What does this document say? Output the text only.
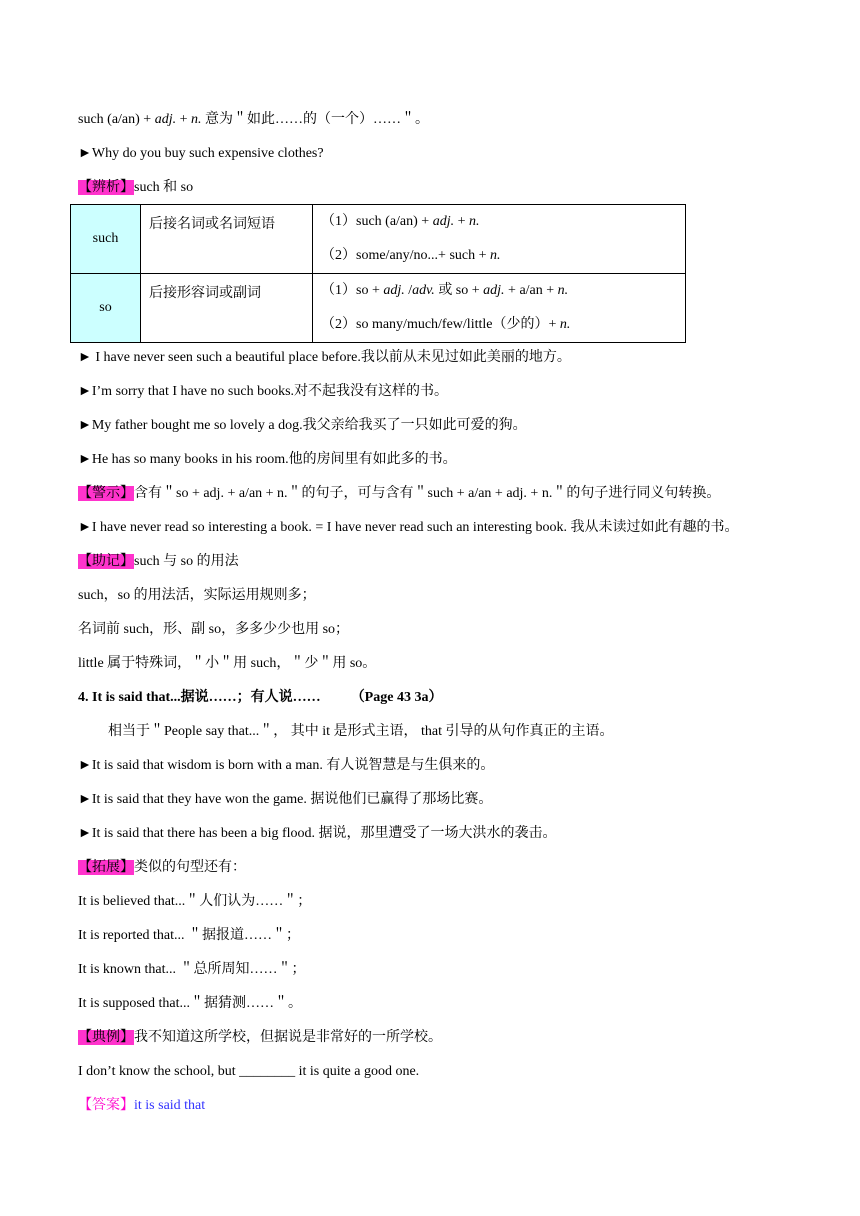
such (a/an) + adj. + n. 意为＂如此……的（一个）……＂。
►Why do you buy such expensive clothes?
【辨析】such 和 so
such	后接名词或名词短语	（1）such (a/an) + adj. + n.
（2）some/any/no...+ such + n.

so	后接形容词或副词	（1）so + adj. /adv. 或 so + adj. + a/an + n.
（2）so many/much/few/little（少的）+ n.
► I have never seen such a beautiful place before.我以前从未见过如此美丽的地方。
►I’m sorry that I have no such books.对不起我没有这样的书。
►My father bought me so lovely a dog.我父亲给我买了一只如此可爱的狗。
►He has so many books in his room.他的房间里有如此多的书。
【警示】含有＂so + adj. + a/an + n.＂的句子，可与含有＂such + a/an + adj. + n.＂的句子进行同义句转换。
►I have never read so interesting a book. = I have never read such an interesting book. 我从未读过如此有趣的书。
【助记】such 与 so 的用法
such，so 的用法活，实际运用规则多；
名词前 such，形、副 so，多多少少也用 so；
little 属于特殊词，＂小＂用 such，＂少＂用 so。
4. It is said that...据说……；有人说…… （Page 43 3a）
相当于＂People say that...＂， 其中 it 是形式主语， that 引导的从句作真正的主语。
►It is said that wisdom is born with a man. 有人说智慧是与生俱来的。
►It is said that they have won the game. 据说他们已赢得了那场比赛。
►It is said that there has been a big flood. 据说，那里遭受了一场大洪水的袭击。
【拓展】类似的句型还有：
It is believed that...＂人们认为……＂；
It is reported that... ＂据报道……＂；
It is known that... ＂总所周知……＂；
It is supposed that...＂据猜测……＂。
【典例】我不知道这所学校，但据说是非常好的一所学校。
I don’t know the school, but ________ it is quite a good one.
【答案】it is said that
